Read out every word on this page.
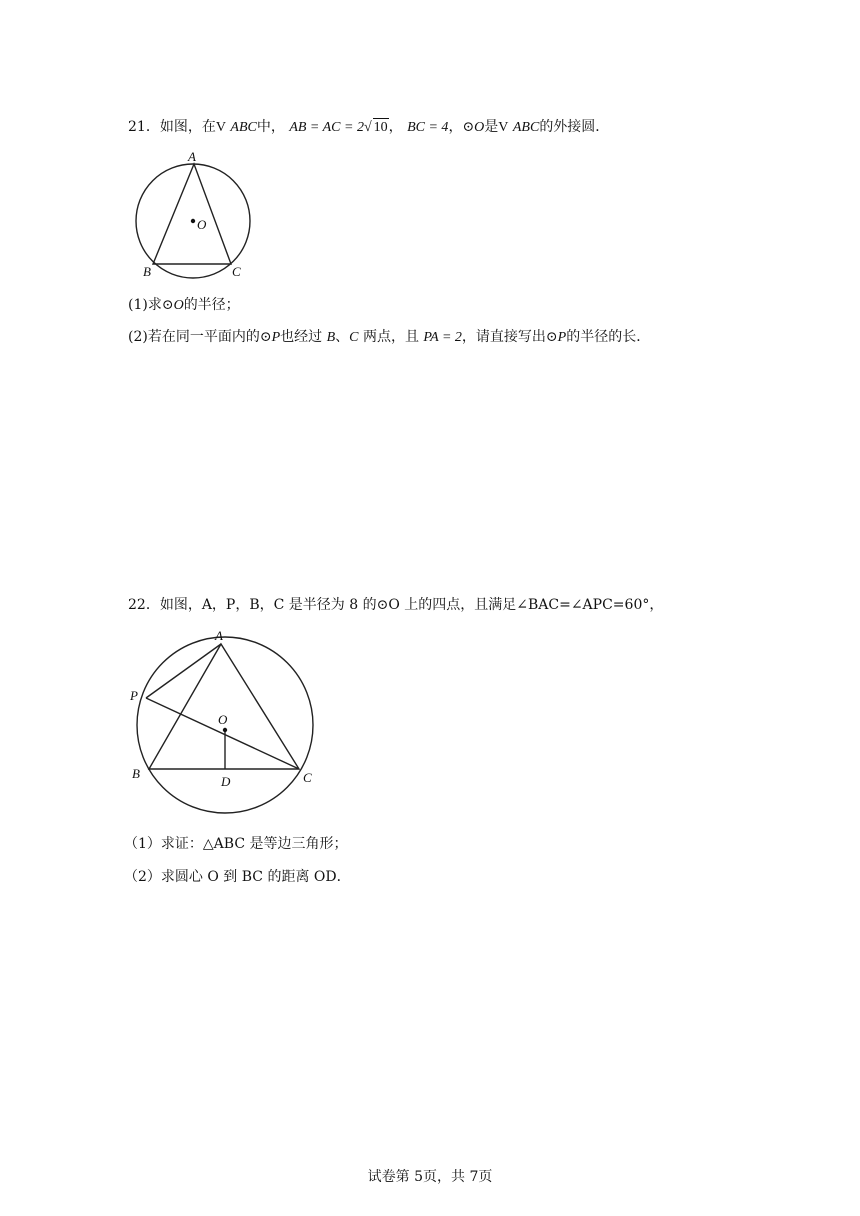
21．如图，在V ABC中， AB = AC = 2√ 10， BC = 4，⊙O是V ABC的外接圆．
A
O
B	C
(1)求⊙O的半径；
(2)若在同一平面内的⊙P也经过 B、C 两点，且 PA = 2，请直接写出⊙P的半径的长．
22．如图，A，P，B，C 是半径为 8 的⊙O 上的四点，且满足∠BAC=∠APC=60°，
A
P
O
B
D	C
（1）求证：△ABC 是等边三角形；
（2）求圆心 O 到 BC 的距离 OD．
试卷第 5页，共 7页
